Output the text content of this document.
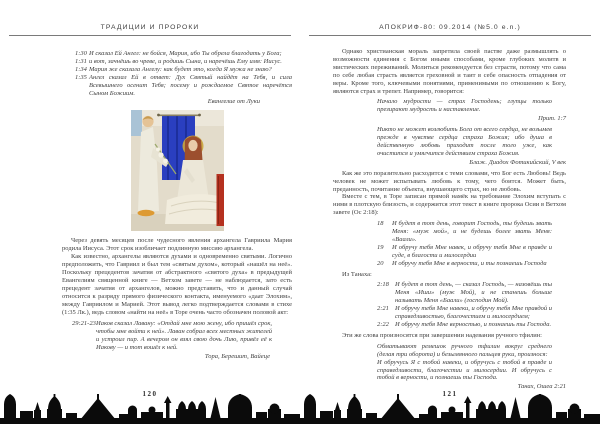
ТРАДИЦИИ И ПРОРОКИ
1:30 И сказал Ей Ангел: не бойся, Мария, ибо Ты обрела благодать у Бога;
1:31 и вот, зачнёшь во чреве, и родишь Сына, и наречёшь Ему имя: Иисус.
1:34 Мария же сказала Ангелу: как будет это, когда Я мужа не знаю?
1:35 Ангел сказал Ей в ответ: Дух Святый найдёт на Тебя, и сила Всевышнего осенит Тебя; посему и рождаемое Святое наречётся Сыном Божиим.
Евангелие от Луки

Через девять месяцев после чудесного явления архангела Гавриила Мария родила Иисуса. Этот срок изобличает подлинную миссию архангела.

Как известно, архангелы являются духами и одновременно святыми. Логично предположить, что Гавриил и был тем «святым духом», который «нашёл на неё». Поскольку прецедентов зачатия от абстрактного «святого духа» в предыдущей Евангелиям священной книге — Ветхом завете — не наблюдается, зато есть прецедент зачатия от архангелов, можно представить, что и данный случай относится к разряду прямого физического контакта, именуемого «даат Элохим», между Гавриилом и Марией. Этот вывод легко подтверждается словами в стихе (1:35 Лк.), ведь словом «найти на неё» в Торе очень часто обозначен половой акт:

29:21-23 Иаков сказал Лавану: «Отдай мне мою жену, ибо пришёл срок, чтобы мне войти к ней». Лаван собрал всех местных жителей и устроил пир. А вечером он взял свою дочь Лию, привёл её к Иакову — и тот вошёл к ней.
Тора, Берешит, Вайеце
120
АПОКРИФ-80: 09.2014 (№5.0 e.n.)

Однако христианская мораль запретила своей пастве даже размышлять о возможности единения с Богом иными способами, кроме глубоких молитв и мистических переживаний. Молиться рекомендуется без страсти, потому что сама по себе любая страсть является греховной и таит в себе опасность отпадения от веры. Кроме того, ключевыми понятиями, применимыми по отношению к Богу, являются страх и трепет. Например, говорится:

Начало мудрости — страх Господень; глупцы только презирают мудрость и наставление.
Прит. 1:7
Никто не может возлюбить Бога от всего сердца, не возымев прежде в чувстве сердца страха Божия; ибо душа в действенную любовь приходит после того уже, как очистится и умягчится действием страха Божия.
Блаж. Диадох Фотикийский, V век

Как же это поразительно расходится с теми словами, что Бог есть Любовь! Ведь человек не может испытывать любовь к тому, чего боится. Может быть, преданность, почитание объекта, внушающего страх, но не любовь.

Вместе с тем, в Торе записан прямой намёк на требование Элохим вступать с ними в плотскую близость, и содержится этот текст в книге пророка Осии в Ветхом завете (Ос 2:18):

18 И будет в тот день, говорит Господь, ты будешь звать Меня: «муж мой», и не будешь более звать Меня: «Ваали».
19 И обручу тебя Мне навек, и обручу тебя Мне в правде и суде, в благости и милосердии
20 И обручу тебя Мне в верности, и ты познаешь Господа

Из Танаха:

2:18 И будет в тот день, — сказал Господь, — назовёшь ты Меня «Иши» (муж Мой), и не станешь больше называть Меня «Баали» (господин Мой).
2:21 И обручу тебя Мне навеки, и обручу тебя Мне правдой и справедливостью, благочестием и милосердием;
2:22 И обручу тебя Мне верностью, и познаешь ты Господа.

Эти же слова произносятся при завершении надевания ручного тфилин:

Обматывают ремешок ручного тфилин вокруг среднего (делая три оборота) и безымянного пальцев руки, произнося:
И обручусь Я с тобой навеки, и обручусь с тобой в правде и справедливости, благочестии и милосердии. И обручусь с тобой в верности, и познаешь ты Господа.
Танах, Ошеа 2:21
121
